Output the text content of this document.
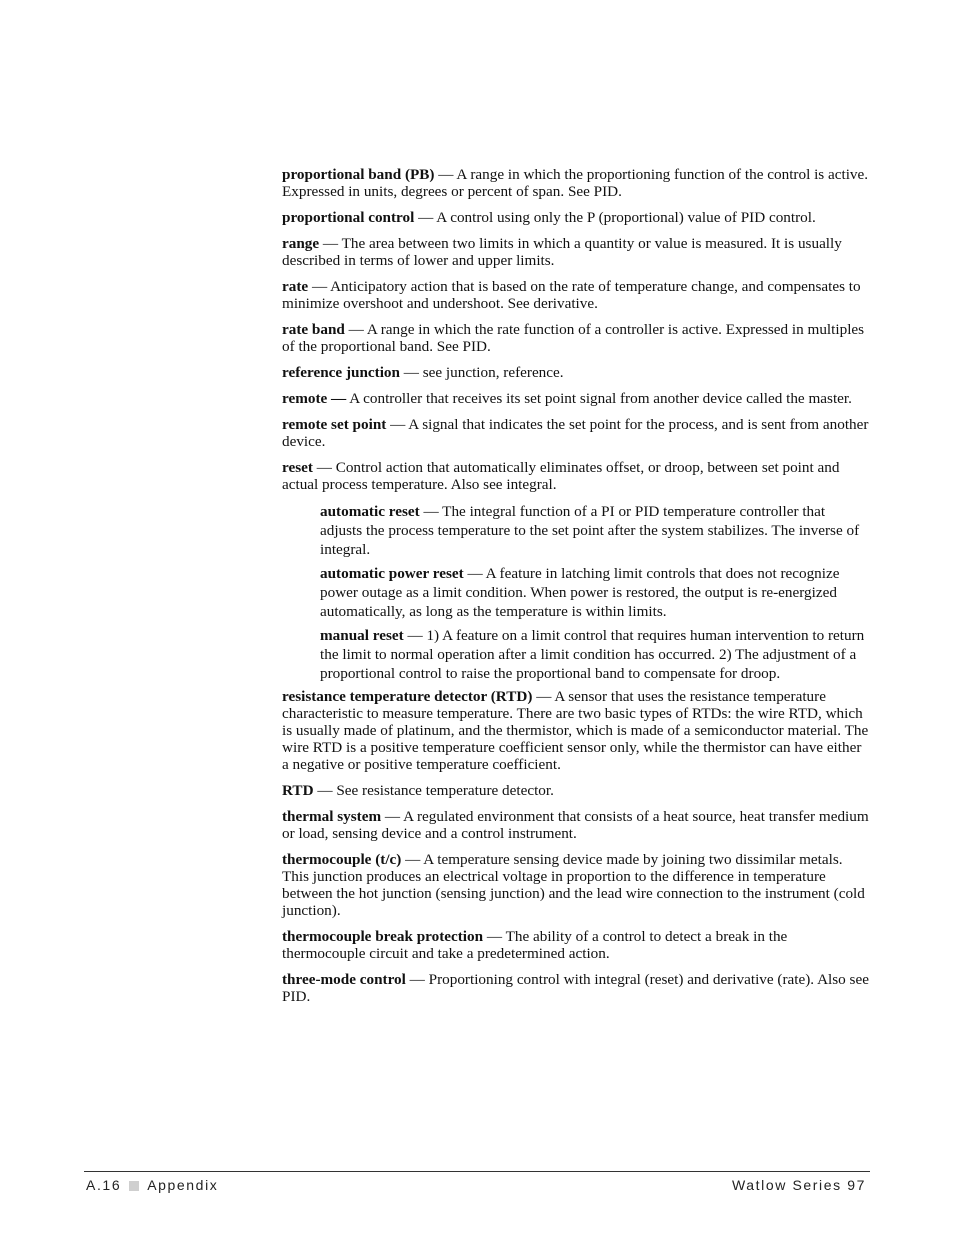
proportional band (PB) — A range in which the proportioning function of the control is active. Expressed in units, degrees or percent of span. See PID.

proportional control — A control using only the P (proportional) value of PID control.

range — The area between two limits in which a quantity or value is measured. It is usually described in terms of lower and upper limits.

rate — Anticipatory action that is based on the rate of temperature change, and compensates to minimize overshoot and undershoot. See derivative.

rate band — A range in which the rate function of a controller is active. Expressed in multiples of the proportional band. See PID.

reference junction — see junction, reference.

remote — A controller that receives its set point signal from another device called the master.

remote set point — A signal that indicates the set point for the process, and is sent from another device.

reset — Control action that automatically eliminates offset, or droop, between set point and actual process temperature. Also see integral.

automatic reset — The integral function of a PI or PID temperature controller that adjusts the process temperature to the set point after the system stabilizes. The inverse of integral.

automatic power reset — A feature in latching limit controls that does not recognize power outage as a limit condition. When power is restored, the output is re-energized automatically, as long as the temperature is within limits.

manual reset — 1) A feature on a limit control that requires human intervention to return the limit to normal operation after a limit condition has occurred. 2) The adjustment of a proportional control to raise the proportional band to compensate for droop.

resistance temperature detector (RTD) — A sensor that uses the resistance temperature characteristic to measure temperature. There are two basic types of RTDs: the wire RTD, which is usually made of platinum, and the thermistor, which is made of a semiconductor material. The wire RTD is a positive temperature coefficient sensor only, while the thermistor can have either a negative or positive temperature coefficient.

RTD — See resistance temperature detector.

thermal system — A regulated environment that consists of a heat source, heat transfer medium or load, sensing device and a control instrument.

thermocouple (t/c) — A temperature sensing device made by joining two dissimilar metals. This junction produces an electrical voltage in proportion to the difference in temperature between the hot junction (sensing junction) and the lead wire connection to the instrument (cold junction).

thermocouple break protection — The ability of a control to detect a break in the thermocouple circuit and take a predetermined action.

three-mode control — Proportioning control with integral (reset) and derivative (rate). Also see PID.

A.16 Appendix	Watlow Series 97
